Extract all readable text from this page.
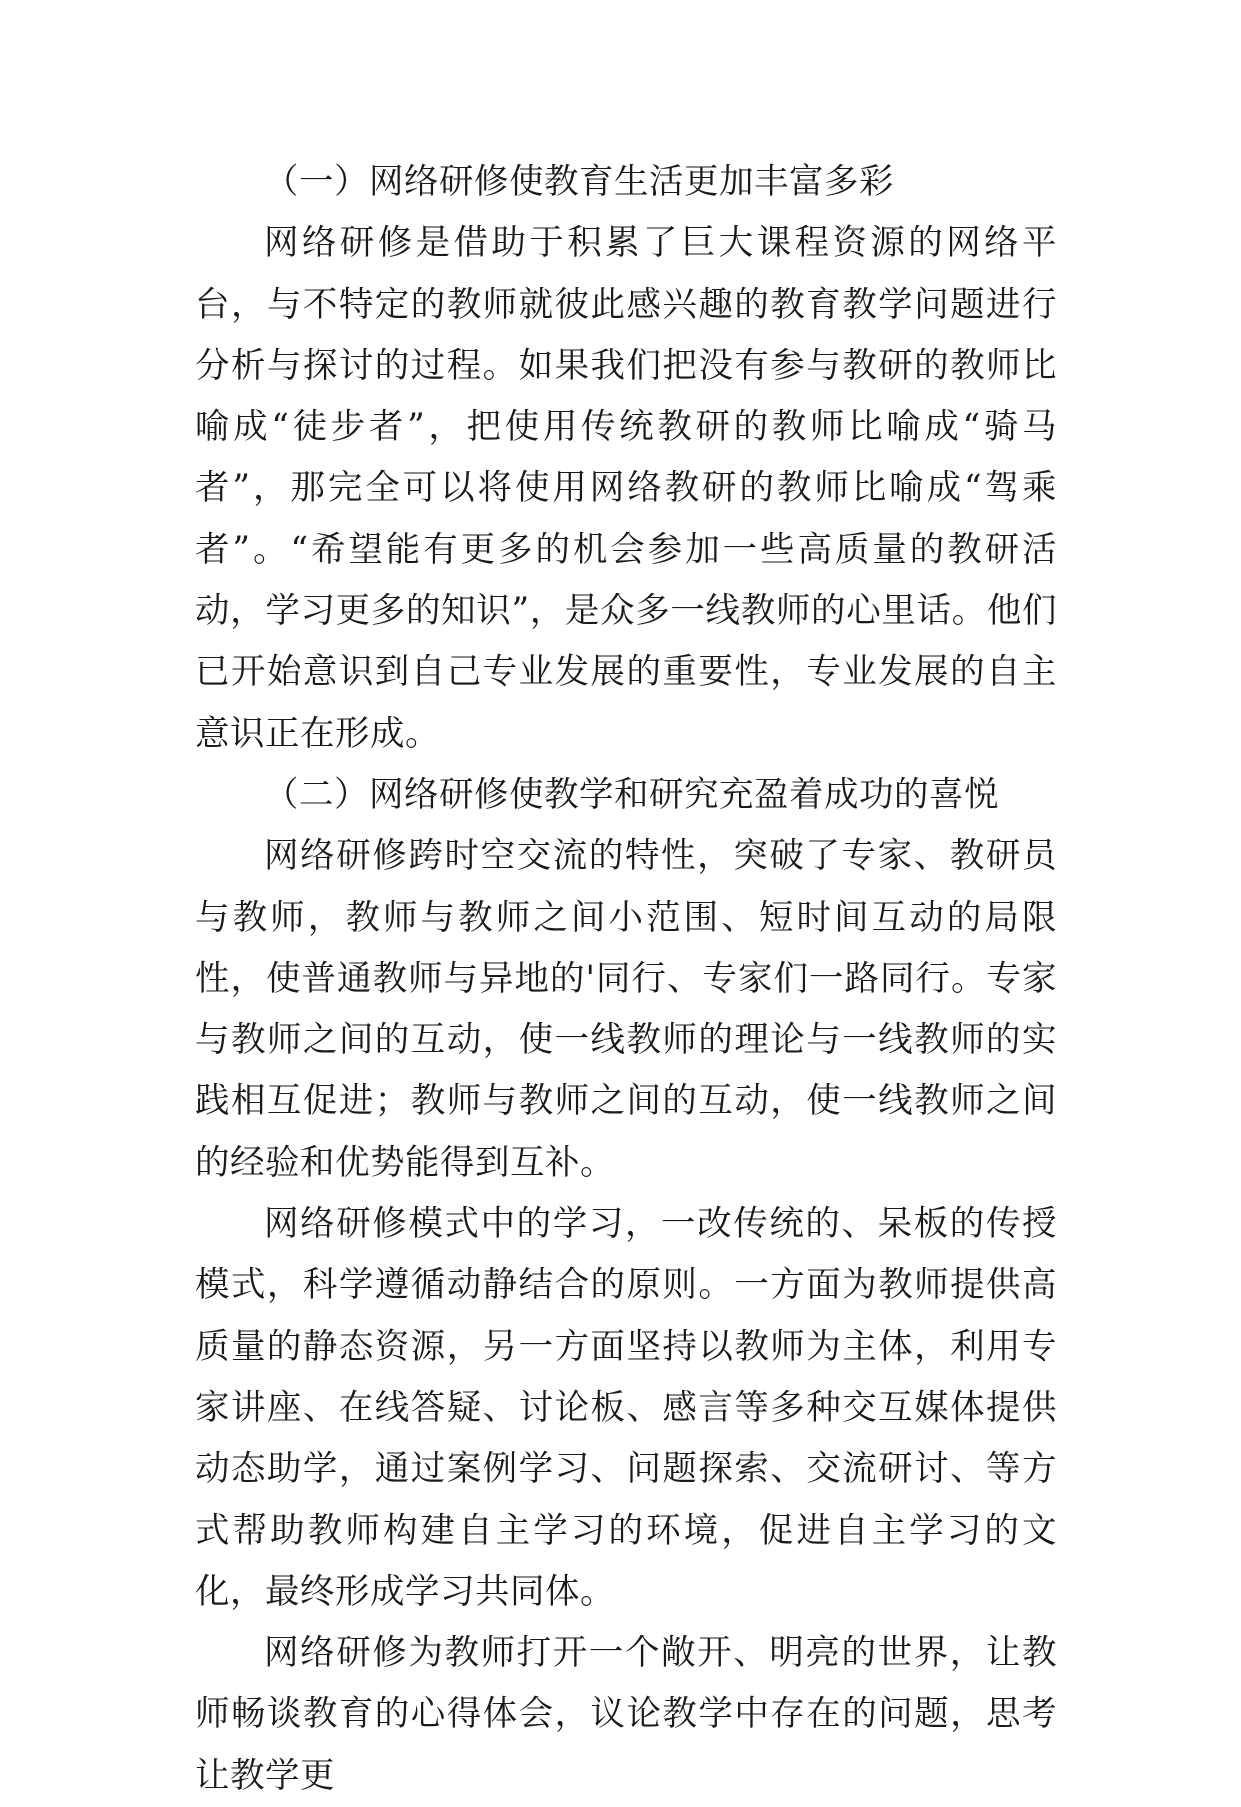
（一）网络研修使教育生活更加丰富多彩

网络研修是借助于积累了巨大课程资源的网络平台，与不特定的教师就彼此感兴趣的教育教学问题进行分析与探讨的过程。如果我们把没有参与教研的教师比喻成“徒步者”，把使用传统教研的教师比喻成“骑马者”，那完全可以将使用网络教研的教师比喻成“驾乘者”。“希望能有更多的机会参加一些高质量的教研活动，学习更多的知识”，是众多一线教师的心里话。他们已开始意识到自己专业发展的重要性，专业发展的自主意识正在形成。

（二）网络研修使教学和研究充盈着成功的喜悦

网络研修跨时空交流的特性，突破了专家、教研员与教师，教师与教师之间小范围、短时间互动的局限性，使普通教师与异地的'同行、专家们一路同行。专家与教师之间的互动，使一线教师的理论与一线教师的实践相互促进；教师与教师之间的互动，使一线教师之间的经验和优势能得到互补。

网络研修模式中的学习，一改传统的、呆板的传授模式，科学遵循动静结合的原则。一方面为教师提供高质量的静态资源，另一方面坚持以教师为主体，利用专家讲座、在线答疑、讨论板、感言等多种交互媒体提供动态助学，通过案例学习、问题探索、交流研讨、等方式帮助教师构建自主学习的环境，促进自主学习的文化，最终形成学习共同体。

网络研修为教师打开一个敞开、明亮的世界，让教师畅谈教育的心得体会，议论教学中存在的问题，思考让教学更
